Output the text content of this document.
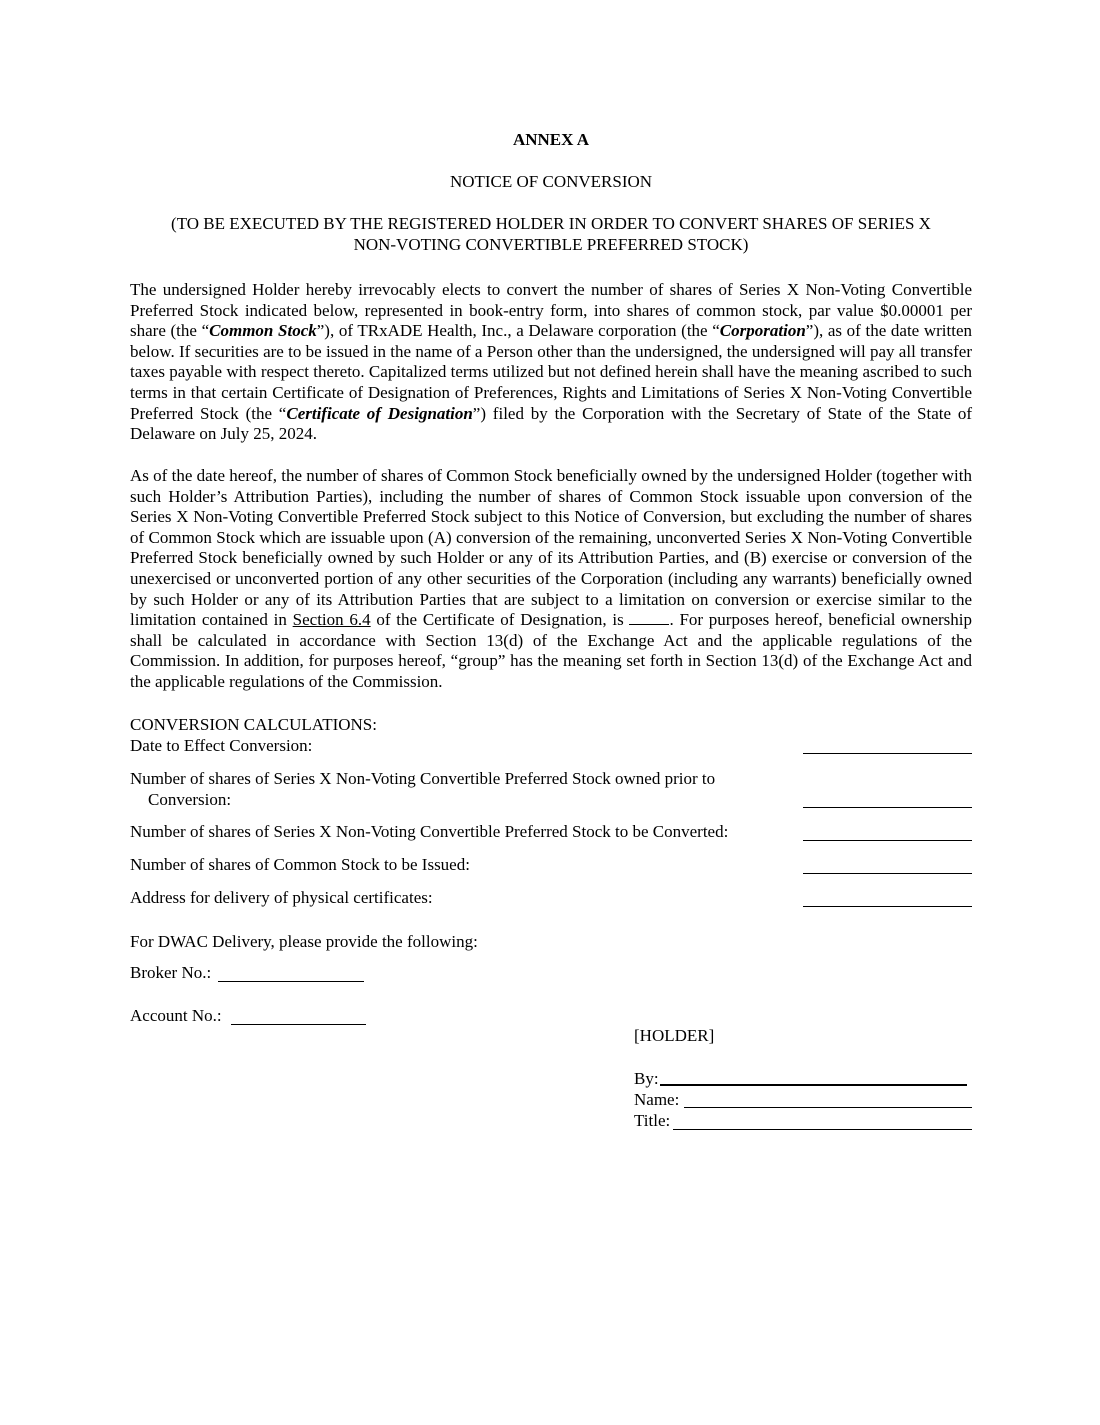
ANNEX A
NOTICE OF CONVERSION
(TO BE EXECUTED BY THE REGISTERED HOLDER IN ORDER TO CONVERT SHARES OF SERIES X
NON-VOTING CONVERTIBLE PREFERRED STOCK)

The undersigned Holder hereby irrevocably elects to convert the number of shares of Series X Non-Voting Convertible Preferred Stock indicated below, represented in book-entry form, into shares of common stock, par value $0.00001 per share (the “Common Stock”), of TRxADE Health, Inc., a Delaware corporation (the “Corporation”), as of the date written below. If securities are to be issued in the name of a Person other than the undersigned, the undersigned will pay all transfer taxes payable with respect thereto. Capitalized terms utilized but not defined herein shall have the meaning ascribed to such terms in that certain Certificate of Designation of Preferences, Rights and Limitations of Series X Non-Voting Convertible Preferred Stock (the “Certificate of Designation”) filed by the Corporation with the Secretary of State of the State of Delaware on July 25, 2024.

As of the date hereof, the number of shares of Common Stock beneficially owned by the undersigned Holder (together with such Holder’s Attribution Parties), including the number of shares of Common Stock issuable upon conversion of the Series X Non-Voting Convertible Preferred Stock subject to this Notice of Conversion, but excluding the number of shares of Common Stock which are issuable upon (A) conversion of the remaining, unconverted Series X Non-Voting Convertible Preferred Stock beneficially owned by such Holder or any of its Attribution Parties, and (B) exercise or conversion of the unexercised or unconverted portion of any other securities of the Corporation (including any warrants) beneficially owned by such Holder or any of its Attribution Parties that are subject to a limitation on conversion or exercise similar to the limitation contained in Section 6.4 of the Certificate of Designation, is . For purposes hereof, beneficial ownership shall be calculated in accordance with Section 13(d) of the Exchange Act and the applicable regulations of the Commission. In addition, for purposes hereof, “group” has the meaning set forth in Section 13(d) of the Exchange Act and the applicable regulations of the Commission.

CONVERSION CALCULATIONS:
Date to Effect Conversion:
Number of shares of Series X Non-Voting Convertible Preferred Stock owned prior to
Conversion:
Number of shares of Series X Non-Voting Convertible Preferred Stock to be Converted:
Number of shares of Common Stock to be Issued:
Address for delivery of physical certificates:
For DWAC Delivery, please provide the following:
Broker No.:
Account No.:
[HOLDER]
By:
Name:
Title:
